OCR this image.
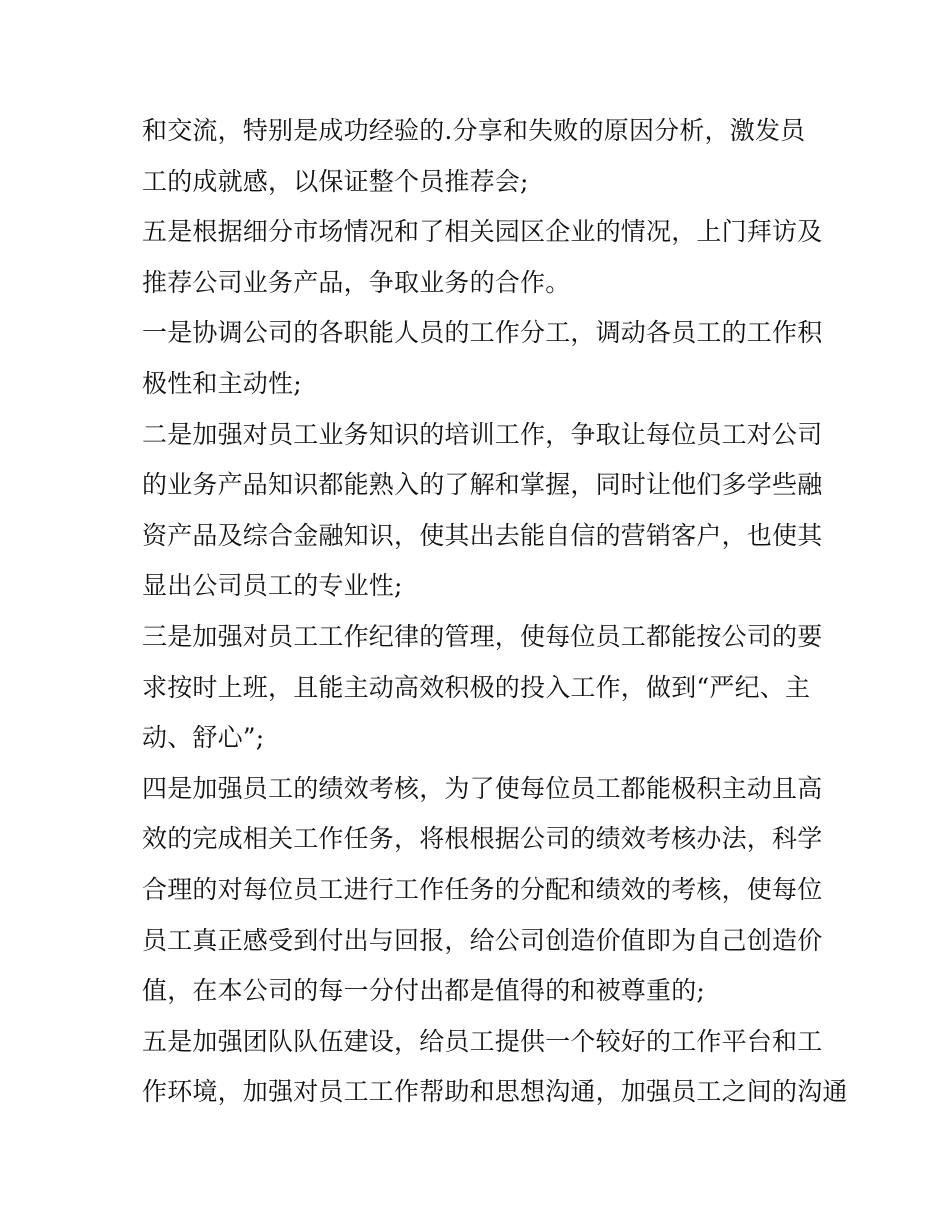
和交流，特别是成功经验的.分享和失败的原因分析，激发员
工的成就感，以保证整个员推荐会;
五是根据细分市场情况和了相关园区企业的情况，上门拜访及
推荐公司业务产品，争取业务的合作。
一是协调公司的各职能人员的工作分工，调动各员工的工作积
极性和主动性;
二是加强对员工业务知识的培训工作，争取让每位员工对公司
的业务产品知识都能熟入的了解和掌握，同时让他们多学些融
资产品及综合金融知识，使其出去能自信的营销客户，也使其
显出公司员工的专业性;
三是加强对员工工作纪律的管理，使每位员工都能按公司的要
求按时上班，且能主动高效积极的投入工作，做到“严纪、主
动、舒心”;
四是加强员工的绩效考核，为了使每位员工都能极积主动且高
效的完成相关工作任务，将根根据公司的绩效考核办法，科学
合理的对每位员工进行工作任务的分配和绩效的考核，使每位
员工真正感受到付出与回报，给公司创造价值即为自己创造价
值，在本公司的每一分付出都是值得的和被尊重的;
五是加强团队队伍建设，给员工提供一个较好的工作平台和工
作环境，加强对员工工作帮助和思想沟通，加强员工之间的沟通
